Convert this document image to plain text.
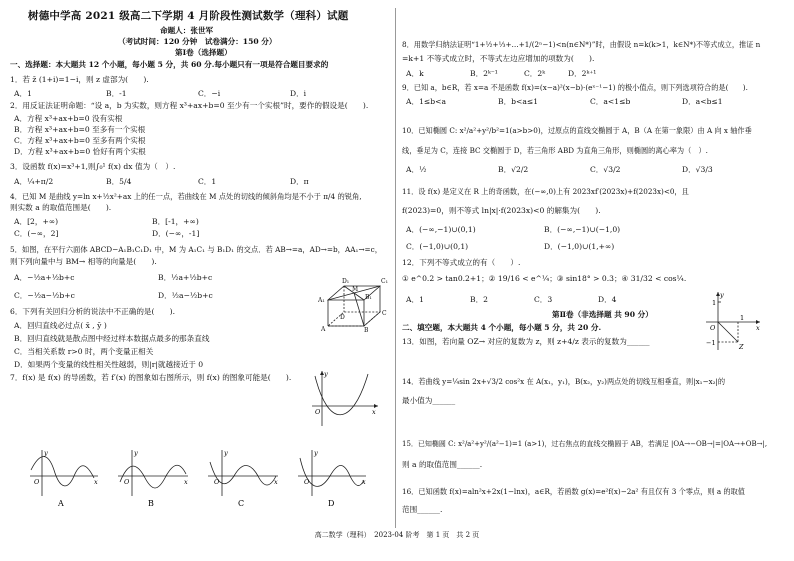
树德中学高 2021 级高二下学期 4 月阶段性测试数学（理科）试题
命题人：张世军
（考试时间：120 分钟　试卷满分：150 分）
第Ⅰ卷（选择题）
一、选择题：本大题共 12 个小题，每小题 5 分，共 60 分.每小题只有一项是符合题目要求的
1．若 z̄ (1+i)=1−i，则 z 虚部为(　　).
A．1	B．-1	C．−i	D．i
2．用反证法证明命题：“设 a，b 为实数，则方程 x³+ax+b=0 至少有一个实根”时，要作的假设是(　　).
A．方程 x³+ax+b=0 没有实根
B．方程 x³+ax+b=0 至多有一个实根
C．方程 x³+ax+b=0 至多有两个实根
D．方程 x³+ax+b=0 恰好有两个实根
3．设函数 f(x)=x³+1,则∫₀¹ f(x) dx 值为（　）.
A．¼+π/2	B．5/4	C．1	D．π
4．已知 M 是曲线 y=ln x+½x²+ax 上的任一点，若曲线在 M 点处的切线的倾斜角均是不小于 π/4 的锐角,
则实数 a 的取值范围是(　　).
A．[2，+∞)	B．[-1，+∞)
C．(−∞，2]	D．(−∞，-1]
5．如图，在平行六面体 ABCD−A₁B₁C₁D₁ 中，M 为 A₁C₁ 与 B₁D₁ 的交点．若 AB→=a，AD→=b，AA₁→=c，
则下列向量中与 BM→ 相等的向量是(　　).
A．−½a+½b+c	B．½a+½b+c
C．−½a−½b+c	D．½a−½b+c
D₁	C₁
A₁	B₁
M
D
C
A	B
6．下列有关回归分析的说法中不正确的是(　　).
A．回归直线必过点( x̄ , ȳ )
B．回归直线就是散点图中经过样本数据点最多的那条直线
C．当相关系数 r>0 时，两个变量正相关
D．如果两个变量的线性相关性越弱，则|r|就越接近于 0
7．f(x) 是 f(x) 的导函数，若 f′(x) 的图象如右图所示，则 f(x) 的图象可能是(　　).	y
x
O
y
x
O
y
x
O
y
x
O
y
x
O
A	B	C	D
8．用数学归纳法证明“1+½+⅓+…+1/(2ⁿ−1)<n(n∈N*)”时，由假设 n=k(k>1，k∈N*)不等式成立，推证 n
=k+1 不等式成立时，不等式左边应增加的项数为(　　).
A．k	B．2ᵏ⁻¹	C．2ᵏ	D．2ᵏ⁺¹
9．已知 a，b∈R，若 x=a 不是函数 f(x)=(x−a)²(x−b)·(eˣ⁻¹−1) 的极小值点，则下列选项符合的是(　　).
A．1≤b<a	B．b<a≤1	C．a<1≤b	D．a<b≤1
10．已知椭圆 C: x²/a²+y²/b²=1(a>b>0)，过原点的直线交椭圆于 A，B（A 在第一象限）由 A 向 x 轴作垂
线，垂足为 C，连接 BC 交椭圆于 D，若三角形 ABD 为直角三角形，则椭圆的离心率为（　）.
A．½	B．√2/2	C．√3/2	D．√3/3
11．设 f(x) 是定义在 R 上的奇函数，在(−∞,0)上有 2023xf′(2023x)+f(2023x)<0，且
f(2023)=0，则不等式 ln|x|·f(2023x)<0 的解集为(　　).
A．(−∞,−1)∪(0,1)	B．(−∞,−1)∪(−1,0)
C．(−1,0)∪(0,1)	D．(−1,0)∪(1,+∞)
12．下列不等式成立的有（　　）.
① e^0.2 > tan0.2+1；② 19/16 < e^¼；③ sin18° > 0.3；④ 31/32 < cos¼.
A．1	B．2	C．3	D．4
第Ⅱ卷（非选择题 共 90 分）
二、填空题，本大题共 4 个小题，每小题 5 分，共 20 分.
13．如图，若向量 OZ→ 对应的复数为 z，则 z+4/z 表示的复数为______
y
1
O	x
−1	Z
1
14．若曲线 y=¼sin 2x+√3/2 cos²x 在 A(x₁，y₁)，B(x₂，y₂)两点处的切线互相垂直，则|x₁−x₂|的
最小值为______
15．已知椭圆 C: x²/a²+y²/(a²−1)=1 (a>1)，过右焦点的直线交椭圆于 AB，若满足 |OA→−OB→|=|OA→+OB→|,
则 a 的取值范围______.
16．已知函数 f(x)=aln²x+2x(1−lnx)，a∈R，若函数 g(x)=e²f(x)−2a² 有且仅有 3 个零点，则 a 的取值
范围______.
高二数学（理科）　2023-04 阶考　第 1 页　共 2 页
